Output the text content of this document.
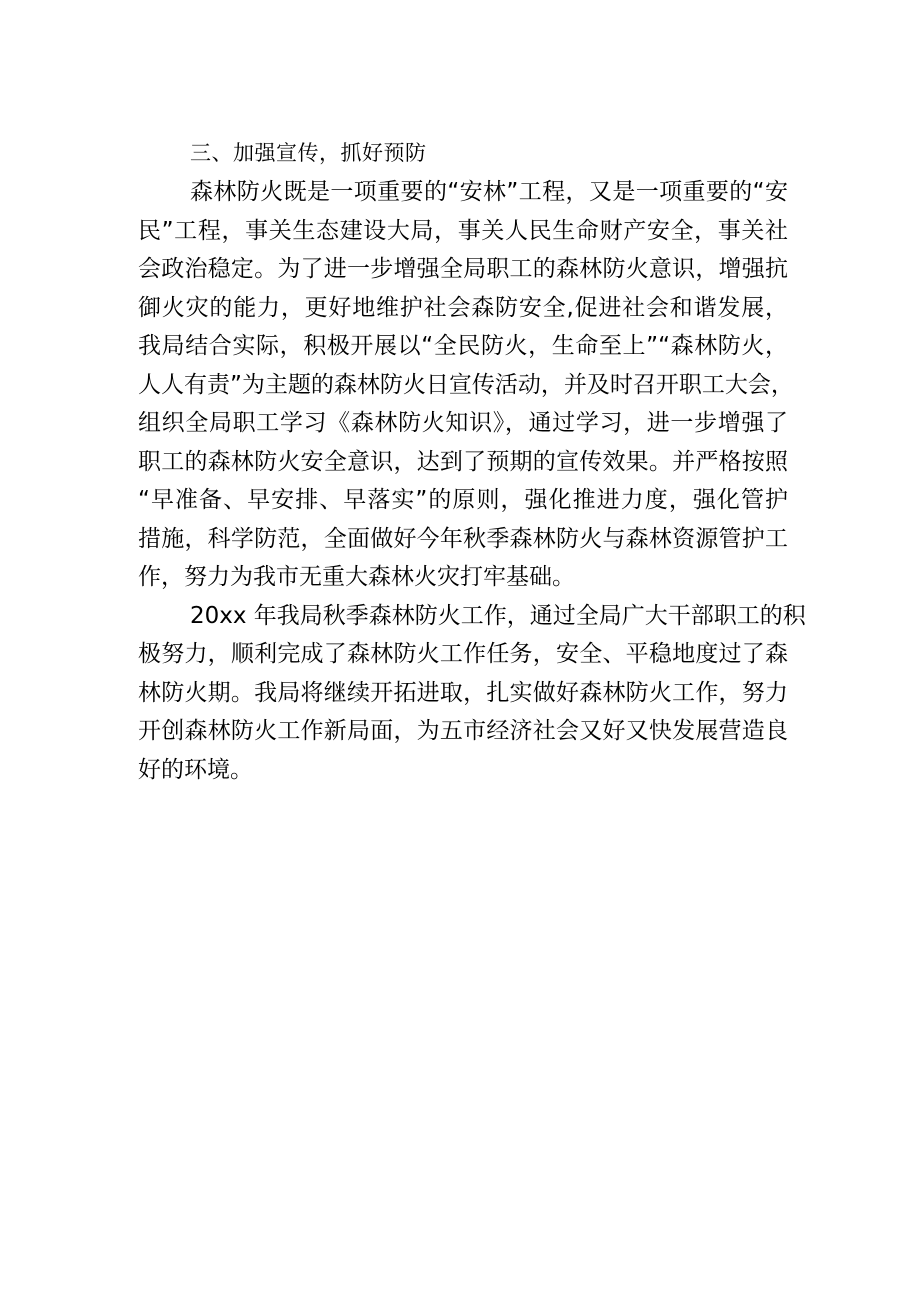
三、加强宣传，抓好预防

森林防火既是一项重要的“安林”工程，又是一项重要的“安
民”工程，事关生态建设大局，事关人民生命财产安全，事关社
会政治稳定。为了进一步增强全局职工的森林防火意识，增强抗
御火灾的能力，更好地维护社会森防安全,促进社会和谐发展，
我局结合实际，积极开展以“全民防火，生命至上”“森林防火，
人人有责”为主题的森林防火日宣传活动，并及时召开职工大会，
组织全局职工学习《森林防火知识》，通过学习，进一步增强了
职工的森林防火安全意识，达到了预期的宣传效果。并严格按照
“早准备、早安排、早落实”的原则，强化推进力度，强化管护
措施，科学防范，全面做好今年秋季森林防火与森林资源管护工
作，努力为我市无重大森林火灾打牢基础。

20xx 年我局秋季森林防火工作，通过全局广大干部职工的积
极努力，顺利完成了森林防火工作任务，安全、平稳地度过了森
林防火期。我局将继续开拓进取，扎实做好森林防火工作，努力
开创森林防火工作新局面，为五市经济社会又好又快发展营造良
好的环境。
